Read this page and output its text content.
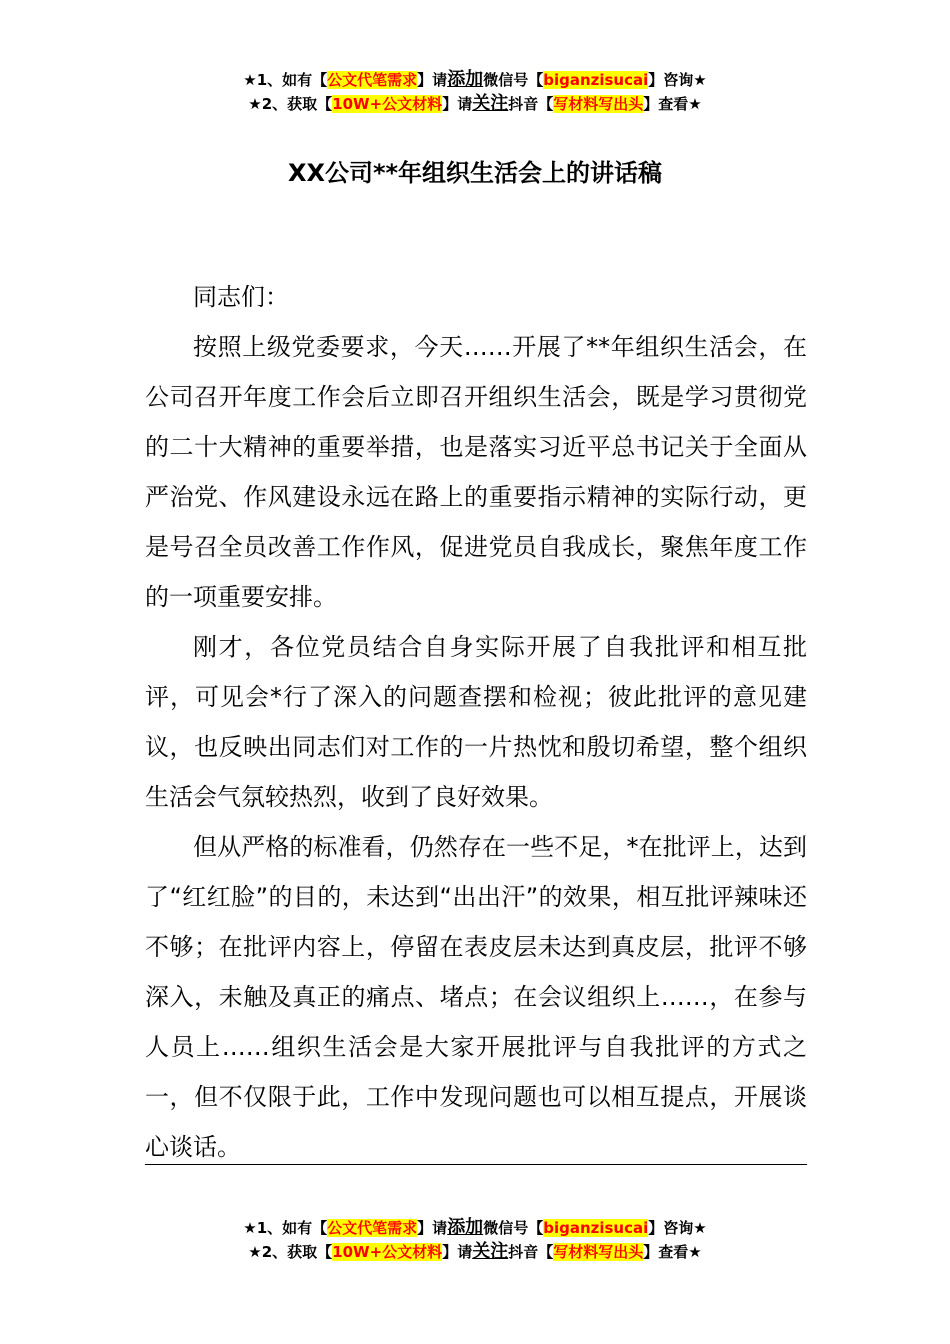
★1、如有【公文代笔需求】请添加微信号【biganzisucai】咨询★
★2、获取【10W+公文材料】请关注抖音【写材料写出头】查看★
XX公司**年组织生活会上的讲话稿

同志们：

按照上级党委要求，今天……开展了**年组织生活会，在公司召开年度工作会后立即召开组织生活会，既是学习贯彻党的二十大精神的重要举措，也是落实习近平总书记关于全面从严治党、作风建设永远在路上的重要指示精神的实际行动，更是号召全员改善工作作风，促进党员自我成长，聚焦年度工作的一项重要安排。

刚才，各位党员结合自身实际开展了自我批评和相互批评，可见会*行了深入的问题查摆和检视；彼此批评的意见建议，也反映出同志们对工作的一片热忱和殷切希望，整个组织生活会气氛较热烈，收到了良好效果。

但从严格的标准看，仍然存在一些不足，*在批评上，达到了“红红脸”的目的，未达到“出出汗”的效果，相互批评辣味还不够；在批评内容上，停留在表皮层未达到真皮层，批评不够深入，未触及真正的痛点、堵点；在会议组织上……，在参与人员上……组织生活会是大家开展批评与自我批评的方式之一，但不仅限于此，工作中发现问题也可以相互提点，开展谈心谈话。

★1、如有【公文代笔需求】请添加微信号【biganzisucai】咨询★
★2、获取【10W+公文材料】请关注抖音【写材料写出头】查看★
